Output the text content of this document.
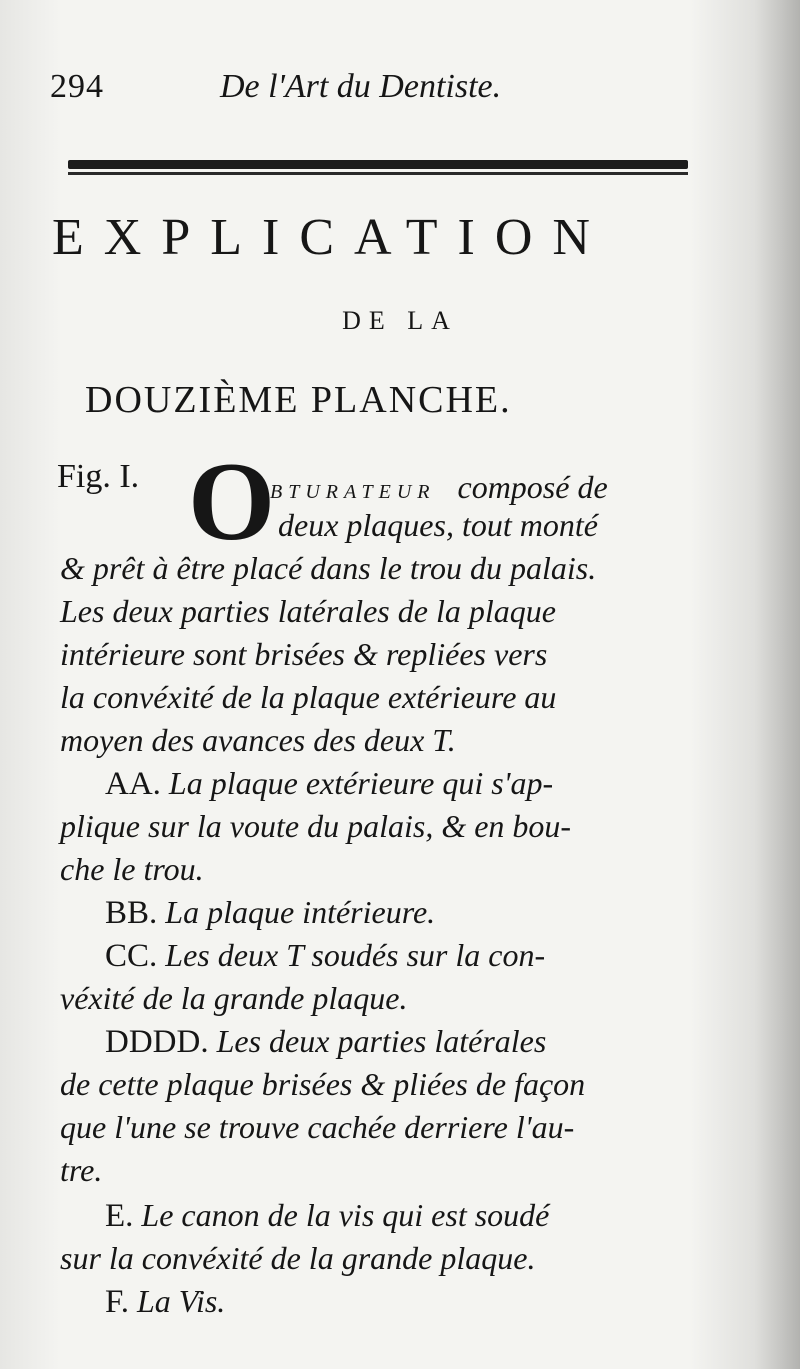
294	De l'Art du Dentiste.
EXPLICATION
DE LA
DOUZIÈME PLANCHE.
Fig. I. O
BTURATEUR composé de
deux plaques, tout monté
& prêt à être placé dans le trou du palais.
Les deux parties latérales de la plaque
intérieure sont brisées & repliées vers
la convéxité de la plaque extérieure au
moyen des avances des deux T.
AA. La plaque extérieure qui s'ap-
plique sur la voute du palais, & en bou-
che le trou.
BB. La plaque intérieure.
CC. Les deux T soudés sur la con-
véxité de la grande plaque.
DDDD. Les deux parties latérales
de cette plaque brisées & pliées de façon
que l'une se trouve cachée derriere l'au-
tre.
E. Le canon de la vis qui est soudé
sur la convéxité de la grande plaque.
F. La Vis.
